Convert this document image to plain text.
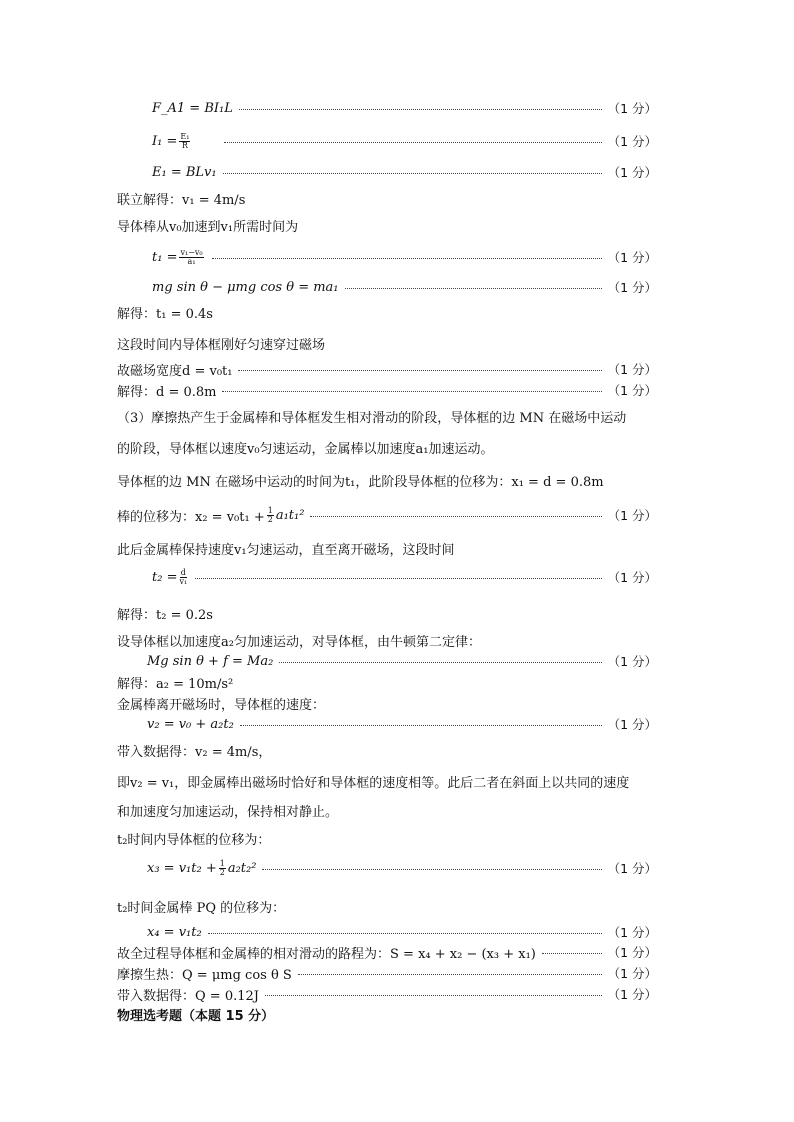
F_A1 = BI₁L	（1 分）
$I_1 = \frac{\text{E₁}}{R}$	（1 分）
E₁ = BLv₁	（1 分）
联立解得：v₁ = 4m/s
导体棒从v₀加速到v₁所需时间为
$t_1 = \frac{\text{v₁−v₀}}{\text{a₁}}$	（1 分）
mg sin θ − μmg cos θ = ma₁	（1 分）
解得：t₁ = 0.4s
这段时间内导体框刚好匀速穿过磁场
故磁场宽度d = v₀t₁	（1 分）
解得：d = 0.8m	（1 分）
（3）摩擦热产生于金属棒和导体框发生相对滑动的阶段，导体框的边 MN 在磁场中运动
的阶段，导体框以速度v₀匀速运动，金属棒以加速度a₁加速运动。
导体框的边 MN 在磁场中运动的时间为t₁，此阶段导体框的位移为：x₁ = d = 0.8m
棒的位移为：$x_2 = v_0t_1 + \frac{1}{2} a_1t_1^2$	（1 分）
此后金属棒保持速度v₁匀速运动，直至离开磁场，这段时间
$t_2 = \frac{d}{\text{v₁}}$	（1 分）
解得：t₂ = 0.2s
设导体框以加速度a₂匀加速运动，对导体框，由牛顿第二定律：
Mg sin θ + f = Ma₂	（1 分）
解得：a₂ = 10m/s²
金属棒离开磁场时，导体框的速度：
v₂ = v₀ + a₂t₂	（1 分）
带入数据得：v₂ = 4m/s，
即v₂ = v₁，即金属棒出磁场时恰好和导体框的速度相等。此后二者在斜面上以共同的速度
和加速度匀加速运动，保持相对静止。
t₂时间内导体框的位移为：
$x_3 = v_1t_2 + \frac{1}{2} a_2t_2^2$	（1 分）
t₂时间金属棒 PQ 的位移为：
x₄ = v₁t₂	（1 分）
故全过程导体框和金属棒的相对滑动的路程为：S = x₄ + x₂ − (x₃ + x₁)	（1 分）
摩擦生热：Q = μmg cos θ S	（1 分）
带入数据得：Q = 0.12J	（1 分）
物理选考题（本题 15 分）
